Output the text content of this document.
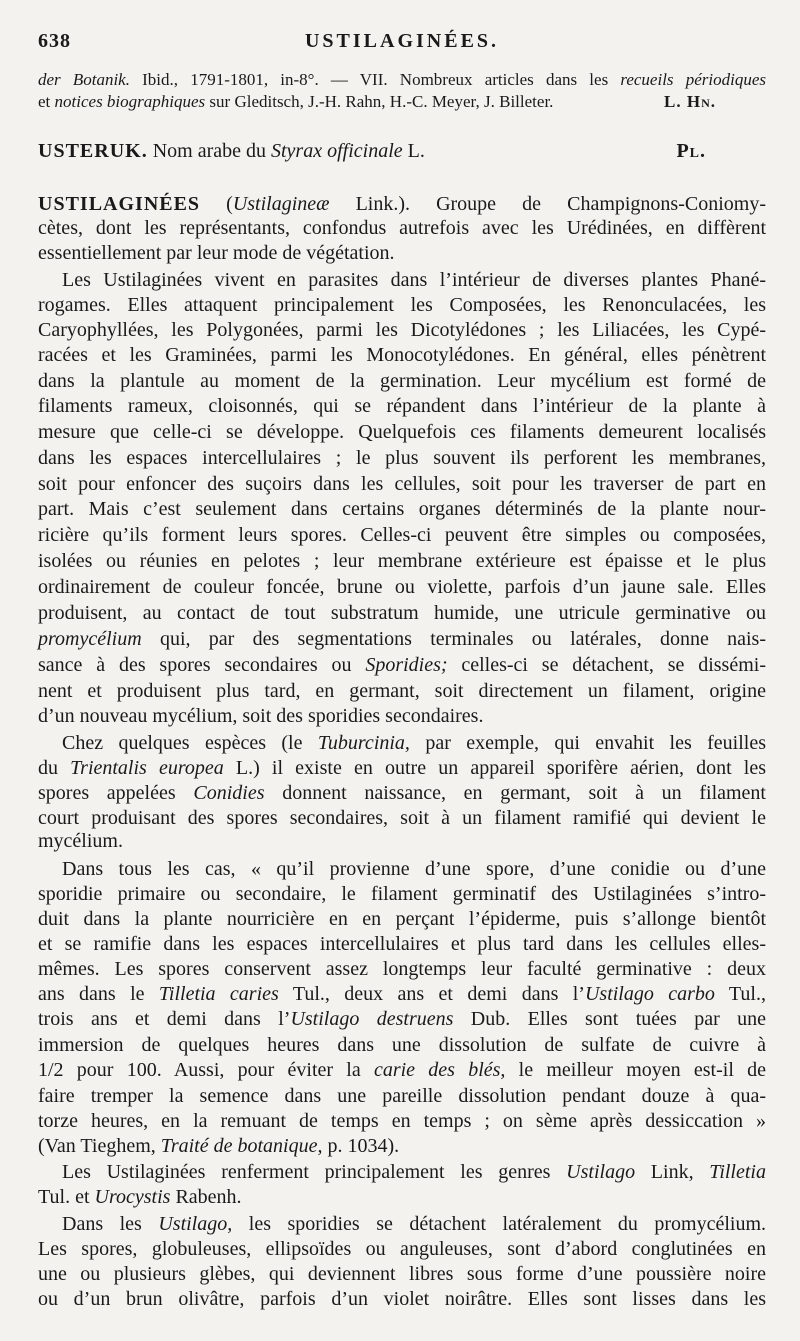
638	USTILAGINÉES.
der Botanik. Ibid., 1791-1801, in-8°. — VII. Nombreux articles dans les recueils périodiques
et notices biographiques sur Gleditsch, J.-H. Rahn, H.-C. Meyer, J. Billeter.	L. Hn.
USTERUK. Nom arabe du Styrax officinale L.	Pl.
USTILAGINÉES (Ustilagineæ Link.). Groupe de Champignons-Coniomy-
cètes, dont les représentants, confondus autrefois avec les Urédinées, en diffèrent
essentiellement par leur mode de végétation.
Les Ustilaginées vivent en parasites dans l’intérieur de diverses plantes Phané-
rogames. Elles attaquent principalement les Composées, les Renonculacées, les
Caryophyllées, les Polygonées, parmi les Dicotylédones ; les Liliacées, les Cypé-
racées et les Graminées, parmi les Monocotylédones. En général, elles pénètrent
dans la plantule au moment de la germination. Leur mycélium est formé de
filaments rameux, cloisonnés, qui se répandent dans l’intérieur de la plante à
mesure que celle-ci se développe. Quelquefois ces filaments demeurent localisés
dans les espaces intercellulaires ; le plus souvent ils perforent les membranes,
soit pour enfoncer des suçoirs dans les cellules, soit pour les traverser de part en
part. Mais c’est seulement dans certains organes déterminés de la plante nour-
ricière qu’ils forment leurs spores. Celles-ci peuvent être simples ou composées,
isolées ou réunies en pelotes ; leur membrane extérieure est épaisse et le plus
ordinairement de couleur foncée, brune ou violette, parfois d’un jaune sale. Elles
produisent, au contact de tout substratum humide, une utricule germinative ou
promycélium qui, par des segmentations terminales ou latérales, donne nais-
sance à des spores secondaires ou Sporidies; celles-ci se détachent, se dissémi-
nent et produisent plus tard, en germant, soit directement un filament, origine
d’un nouveau mycélium, soit des sporidies secondaires.
Chez quelques espèces (le Tuburcinia, par exemple, qui envahit les feuilles
du Trientalis europea L.) il existe en outre un appareil sporifère aérien, dont les
spores appelées Conidies donnent naissance, en germant, soit à un filament
court produisant des spores secondaires, soit à un filament ramifié qui devient le
mycélium.
Dans tous les cas, « qu’il provienne d’une spore, d’une conidie ou d’une
sporidie primaire ou secondaire, le filament germinatif des Ustilaginées s’intro-
duit dans la plante nourricière en en perçant l’épiderme, puis s’allonge bientôt
et se ramifie dans les espaces intercellulaires et plus tard dans les cellules elles-
mêmes. Les spores conservent assez longtemps leur faculté germinative : deux
ans dans le Tilletia caries Tul., deux ans et demi dans l’Ustilago carbo Tul.,
trois ans et demi dans l’Ustilago destruens Dub. Elles sont tuées par une
immersion de quelques heures dans une dissolution de sulfate de cuivre à
1/2 pour 100. Aussi, pour éviter la carie des blés, le meilleur moyen est-il de
faire tremper la semence dans une pareille dissolution pendant douze à qua-
torze heures, en la remuant de temps en temps ; on sème après dessiccation »
(Van Tieghem, Traité de botanique, p. 1034).
Les Ustilaginées renferment principalement les genres Ustilago Link, Tilletia
Tul. et Urocystis Rabenh.
Dans les Ustilago, les sporidies se détachent latéralement du promycélium.
Les spores, globuleuses, ellipsoïdes ou anguleuses, sont d’abord conglutinées en
une ou plusieurs glèbes, qui deviennent libres sous forme d’une poussière noire
ou d’un brun olivâtre, parfois d’un violet noirâtre. Elles sont lisses dans les
